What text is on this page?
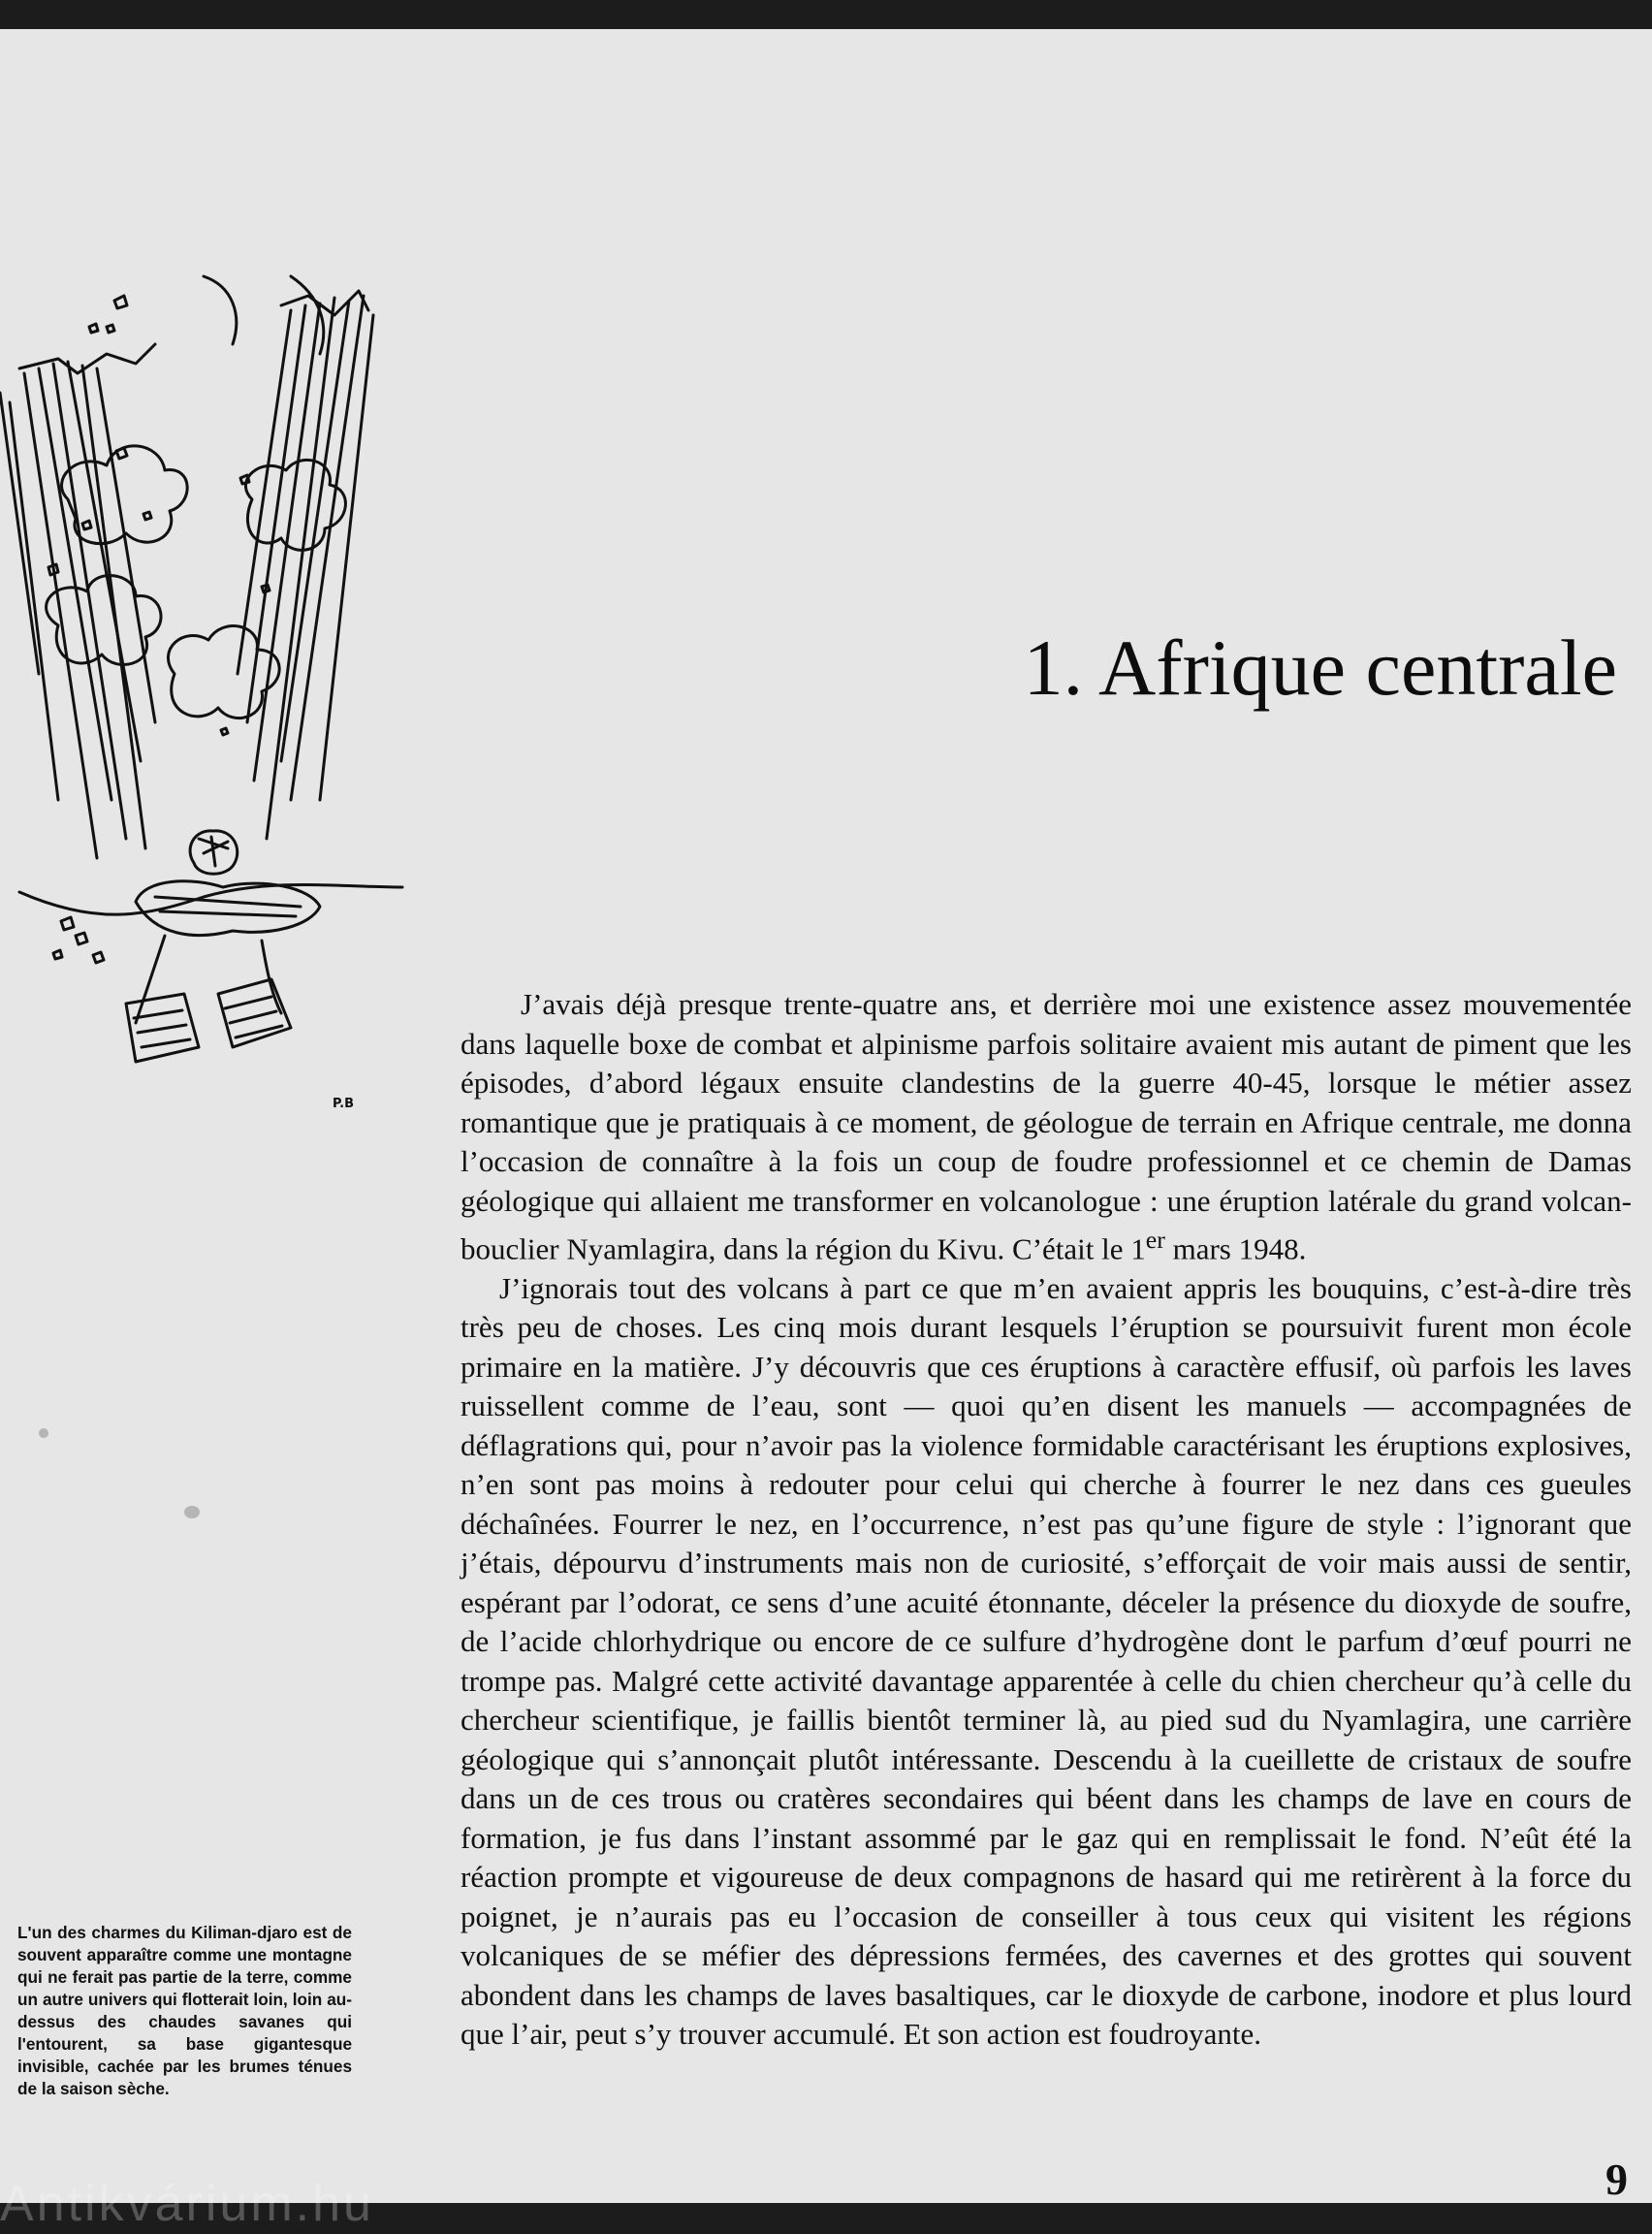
P.B
1. Afrique centrale

L'un des charmes du Kiliman-djaro est de souvent apparaître comme une montagne qui ne ferait pas partie de la terre, comme un autre univers qui flotterait loin, loin au-dessus des chaudes savanes qui l'entourent, sa base gigantesque invisible, cachée par les brumes ténues de la saison sèche.

J’avais déjà presque trente-quatre ans, et derrière moi une existence assez mouvementée dans laquelle boxe de combat et alpinisme parfois solitaire avaient mis autant de piment que les épisodes, d’abord légaux ensuite clandestins de la guerre 40-45, lorsque le métier assez romantique que je pratiquais à ce moment, de géologue de terrain en Afrique centrale, me donna l’occasion de connaître à la fois un coup de foudre professionnel et ce chemin de Damas géologique qui allaient me transformer en volcanologue : une éruption latérale du grand volcan-bouclier Nyamlagira, dans la région du Kivu. C’était le 1er mars 1948.

J’ignorais tout des volcans à part ce que m’en avaient appris les bouquins, c’est-à-dire très très peu de choses. Les cinq mois durant lesquels l’éruption se poursuivit furent mon école primaire en la matière. J’y découvris que ces éruptions à caractère effusif, où parfois les laves ruissellent comme de l’eau, sont — quoi qu’en disent les manuels — accompagnées de déflagrations qui, pour n’avoir pas la violence formidable caractérisant les éruptions explosives, n’en sont pas moins à redouter pour celui qui cherche à fourrer le nez dans ces gueules déchaînées. Fourrer le nez, en l’occurrence, n’est pas qu’une figure de style : l’ignorant que j’étais, dépourvu d’instruments mais non de curiosité, s’efforçait de voir mais aussi de sentir, espérant par l’odorat, ce sens d’une acuité étonnante, déceler la présence du dioxyde de soufre, de l’acide chlorhydrique ou encore de ce sulfure d’hydrogène dont le parfum d’œuf pourri ne trompe pas. Malgré cette activité davantage apparentée à celle du chien chercheur qu’à celle du chercheur scientifique, je faillis bientôt terminer là, au pied sud du Nyamlagira, une carrière géologique qui s’annonçait plutôt intéressante. Descendu à la cueillette de cristaux de soufre dans un de ces trous ou cratères secondaires qui béent dans les champs de lave en cours de formation, je fus dans l’instant assommé par le gaz qui en remplissait le fond. N’eût été la réaction prompte et vigoureuse de deux compagnons de hasard qui me retirèrent à la force du poignet, je n’aurais pas eu l’occasion de conseiller à tous ceux qui visitent les régions volcaniques de se méfier des dépressions fermées, des cavernes et des grottes qui souvent abondent dans les champs de laves basaltiques, car le dioxyde de carbone, inodore et plus lourd que l’air, peut s’y trouver accumulé. Et son action est foudroyante.

9
Antikvárium.hu
